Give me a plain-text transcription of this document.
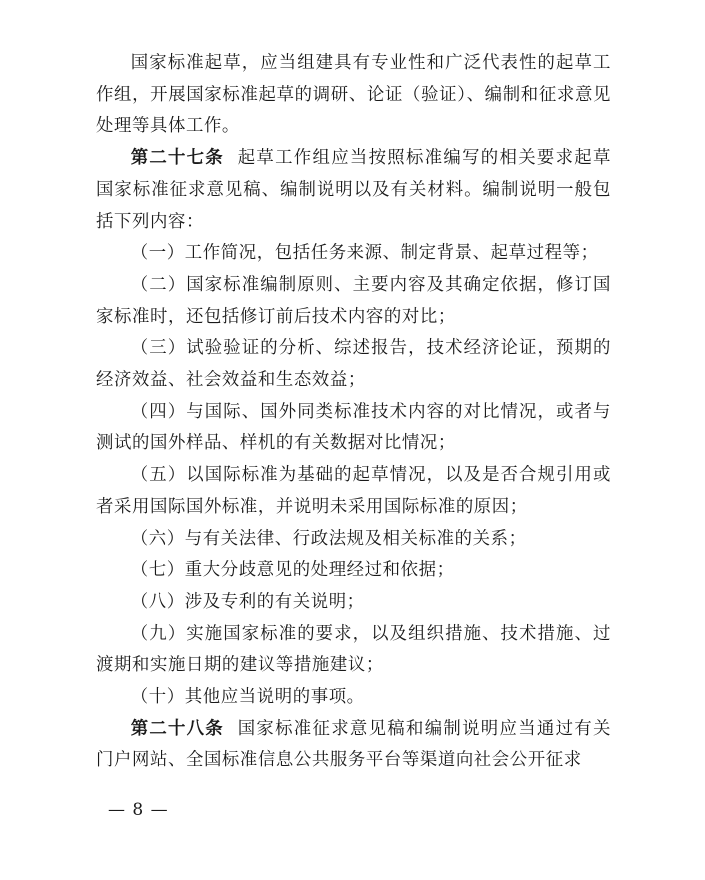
国家标准起草，应当组建具有专业性和广泛代表性的起草工作组，开展国家标准起草的调研、论证（验证）、编制和征求意见处理等具体工作。

第二十七条 起草工作组应当按照标准编写的相关要求起草国家标准征求意见稿、编制说明以及有关材料。编制说明一般包括下列内容：

（一）工作简况，包括任务来源、制定背景、起草过程等；

（二）国家标准编制原则、主要内容及其确定依据，修订国家标准时，还包括修订前后技术内容的对比；

（三）试验验证的分析、综述报告，技术经济论证，预期的经济效益、社会效益和生态效益；

（四）与国际、国外同类标准技术内容的对比情况，或者与测试的国外样品、样机的有关数据对比情况；

（五）以国际标准为基础的起草情况，以及是否合规引用或者采用国际国外标准，并说明未采用国际标准的原因；

（六）与有关法律、行政法规及相关标准的关系；

（七）重大分歧意见的处理经过和依据；

（八）涉及专利的有关说明；

（九）实施国家标准的要求，以及组织措施、技术措施、过渡期和实施日期的建议等措施建议；

（十）其他应当说明的事项。

第二十八条 国家标准征求意见稿和编制说明应当通过有关门户网站、全国标准信息公共服务平台等渠道向社会公开征求

— 8 —
